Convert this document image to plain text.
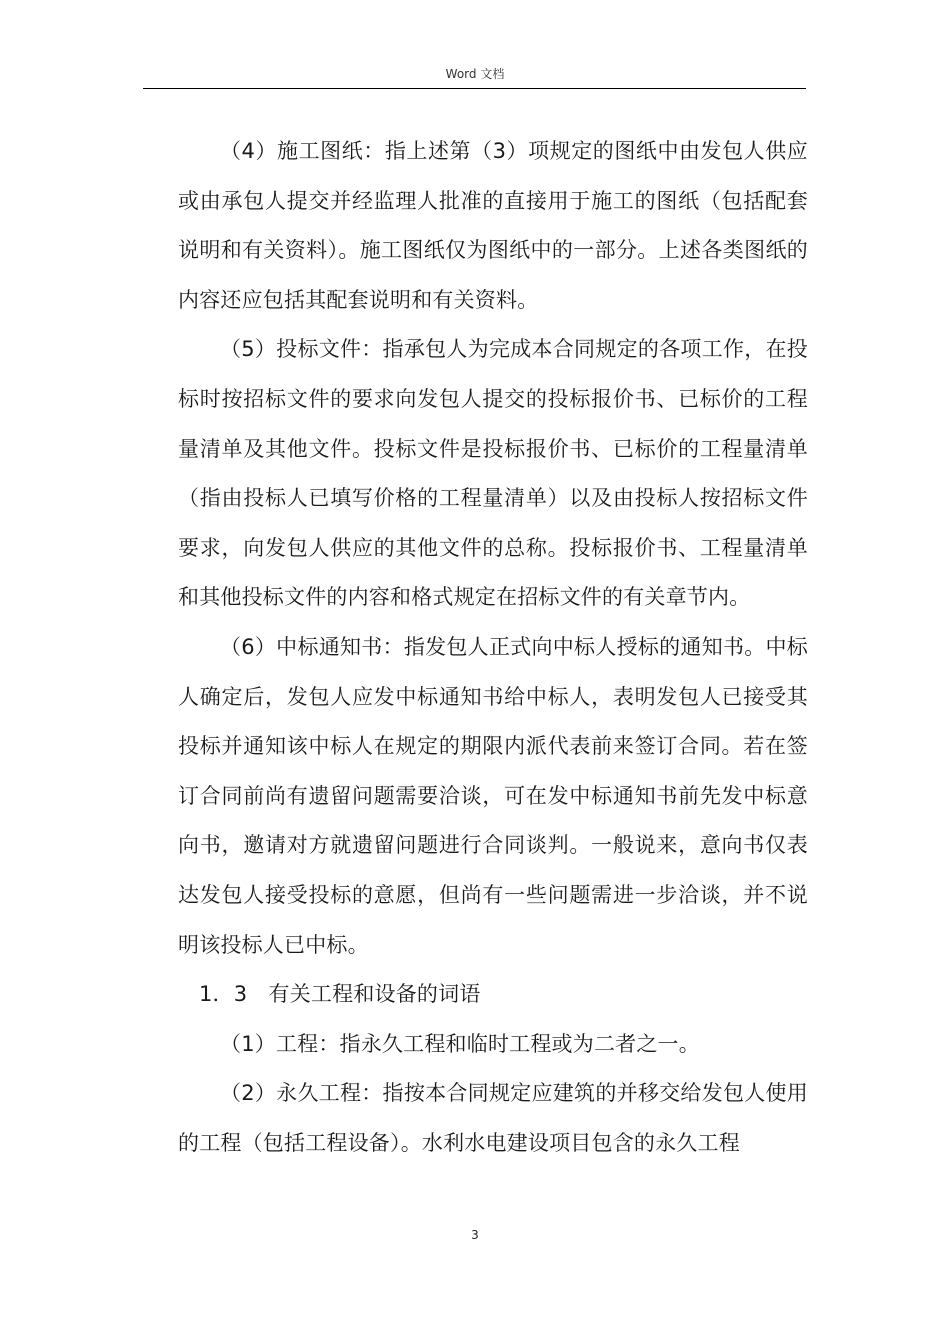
Word 文档

（4）施工图纸：指上述第（3）项规定的图纸中由发包人供应或由承包人提交并经监理人批准的直接用于施工的图纸（包括配套说明和有关资料）。施工图纸仅为图纸中的一部分。上述各类图纸的内容还应包括其配套说明和有关资料。

（5）投标文件：指承包人为完成本合同规定的各项工作，在投标时按招标文件的要求向发包人提交的投标报价书、已标价的工程量清单及其他文件。投标文件是投标报价书、已标价的工程量清单（指由投标人已填写价格的工程量清单）以及由投标人按招标文件要求，向发包人供应的其他文件的总称。投标报价书、工程量清单和其他投标文件的内容和格式规定在招标文件的有关章节内。

（6）中标通知书：指发包人正式向中标人授标的通知书。中标人确定后，发包人应发中标通知书给中标人，表明发包人已接受其投标并通知该中标人在规定的期限内派代表前来签订合同。若在签订合同前尚有遗留问题需要洽谈，可在发中标通知书前先发中标意向书，邀请对方就遗留问题进行合同谈判。一般说来，意向书仅表达发包人接受投标的意愿，但尚有一些问题需进一步洽谈，并不说明该投标人已中标。

1．3　有关工程和设备的词语

（1）工程：指永久工程和临时工程或为二者之一。

（2）永久工程：指按本合同规定应建筑的并移交给发包人使用的工程（包括工程设备）。水利水电建设项目包含的永久工程

3
